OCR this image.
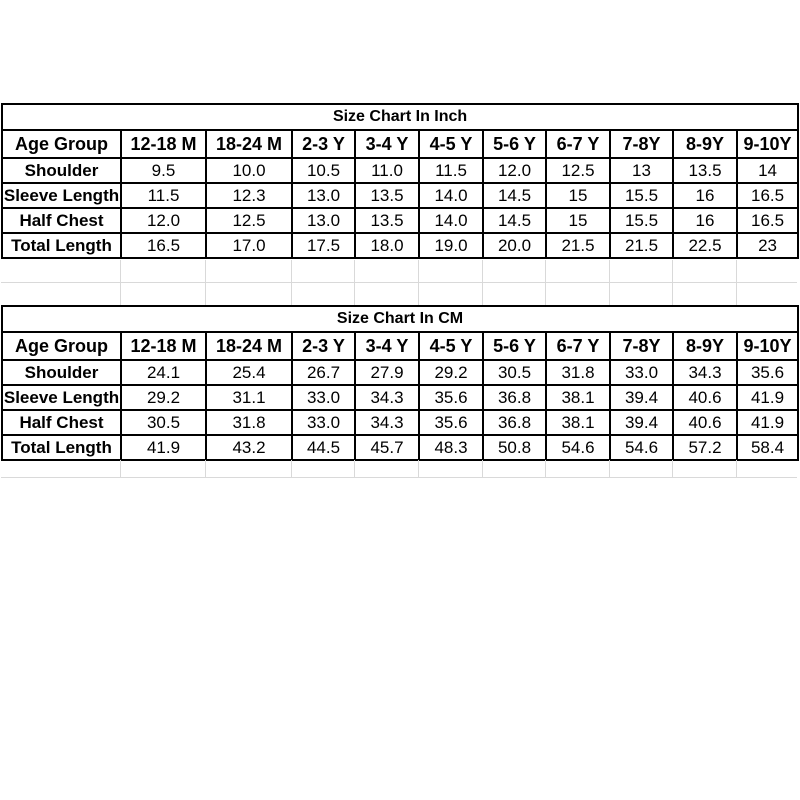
Size Chart In Inch										
Age Group	12-18 M	18-24 M	2-3 Y	3-4 Y	4-5 Y	5-6 Y	6-7 Y	7-8Y	8-9Y	9-10Y
Shoulder	9.5	10.0	10.5	11.0	11.5	12.0	12.5	13	13.5	14
Sleeve Length	11.5	12.3	13.0	13.5	14.0	14.5	15	15.5	16	16.5
Half Chest	12.0	12.5	13.0	13.5	14.0	14.5	15	15.5	16	16.5
Total Length	16.5	17.0	17.5	18.0	19.0	20.0	21.5	21.5	22.5	23
Size Chart In CM										
Age Group	12-18 M	18-24 M	2-3 Y	3-4 Y	4-5 Y	5-6 Y	6-7 Y	7-8Y	8-9Y	9-10Y
Shoulder	24.1	25.4	26.7	27.9	29.2	30.5	31.8	33.0	34.3	35.6
Sleeve Length	29.2	31.1	33.0	34.3	35.6	36.8	38.1	39.4	40.6	41.9
Half Chest	30.5	31.8	33.0	34.3	35.6	36.8	38.1	39.4	40.6	41.9
Total Length	41.9	43.2	44.5	45.7	48.3	50.8	54.6	54.6	57.2	58.4
